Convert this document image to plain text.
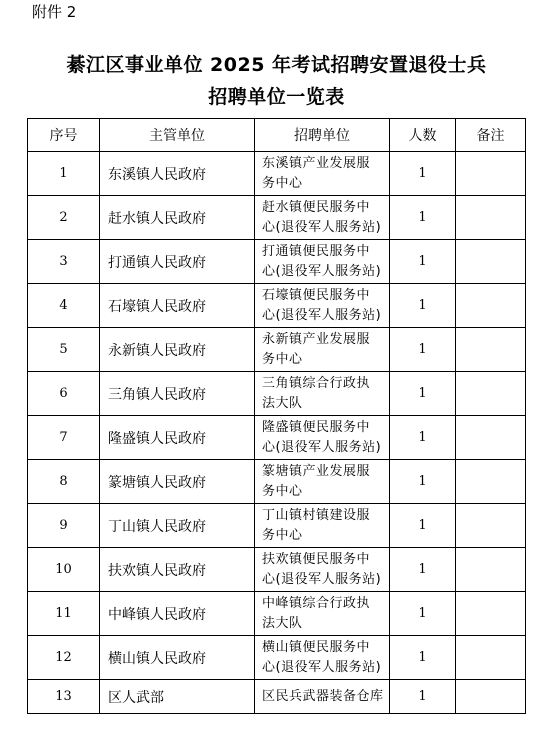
附件 2
綦江区事业单位 2025 年考试招聘安置退役士兵
招聘单位一览表
序号	主管单位	招聘单位	人数	备注
1	东溪镇人民政府	东溪镇产业发展服
务中心	1	
2	赶水镇人民政府	赶水镇便民服务中
心(退役军人服务站)	1	
3	打通镇人民政府	打通镇便民服务中
心(退役军人服务站)	1	
4	石壕镇人民政府	石壕镇便民服务中
心(退役军人服务站)	1	
5	永新镇人民政府	永新镇产业发展服
务中心	1	
6	三角镇人民政府	三角镇综合行政执
法大队	1	
7	隆盛镇人民政府	隆盛镇便民服务中
心(退役军人服务站)	1	
8	篆塘镇人民政府	篆塘镇产业发展服
务中心	1	
9	丁山镇人民政府	丁山镇村镇建设服
务中心	1	
10	扶欢镇人民政府	扶欢镇便民服务中
心(退役军人服务站)	1	
11	中峰镇人民政府	中峰镇综合行政执
法大队	1	
12	横山镇人民政府	横山镇便民服务中
心(退役军人服务站)	1	
13	区人武部	区民兵武器装备仓库	1	
